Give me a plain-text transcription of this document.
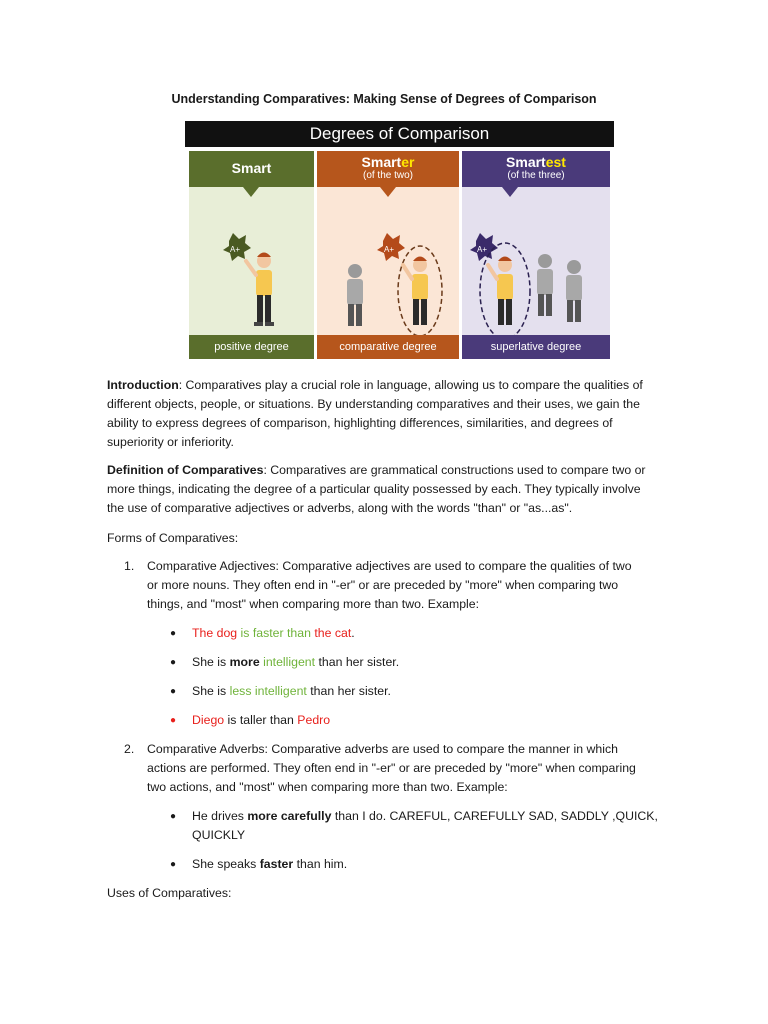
Understanding Comparatives: Making Sense of Degrees of Comparison
Degrees of Comparison
Smart
A+
positive degree
Smarter
(of the two)
A+
comparative degree
Smartest
(of the three)
A+
superlative degree
Introduction: Comparatives play a crucial role in language, allowing us to compare the qualities of
different objects, people, or situations. By understanding comparatives and their uses, we gain the
ability to express degrees of comparison, highlighting differences, similarities, and degrees of
superiority or inferiority.
Definition of Comparatives: Comparatives are grammatical constructions used to compare two or
more things, indicating the degree of a particular quality possessed by each. They typically involve
the use of comparative adjectives or adverbs, along with the words "than" or "as...as".
Forms of Comparatives:
1. Comparative Adjectives: Comparative adjectives are used to compare the qualities of two
or more nouns. They often end in "-er" or are preceded by "more" when comparing two
things, and "most" when comparing more than two. Example:
● The dog is faster than the cat.
● She is more intelligent than her sister.
● She is less intelligent than her sister.
● Diego is taller than Pedro
2. Comparative Adverbs: Comparative adverbs are used to compare the manner in which
actions are performed. They often end in "-er" or are preceded by "more" when comparing
two actions, and "most" when comparing more than two. Example:
● He drives more carefully than I do. CAREFUL, CAREFULLY SAD, SADDLY ,QUICK,
QUICKLY
● She speaks faster than him.
Uses of Comparatives:
